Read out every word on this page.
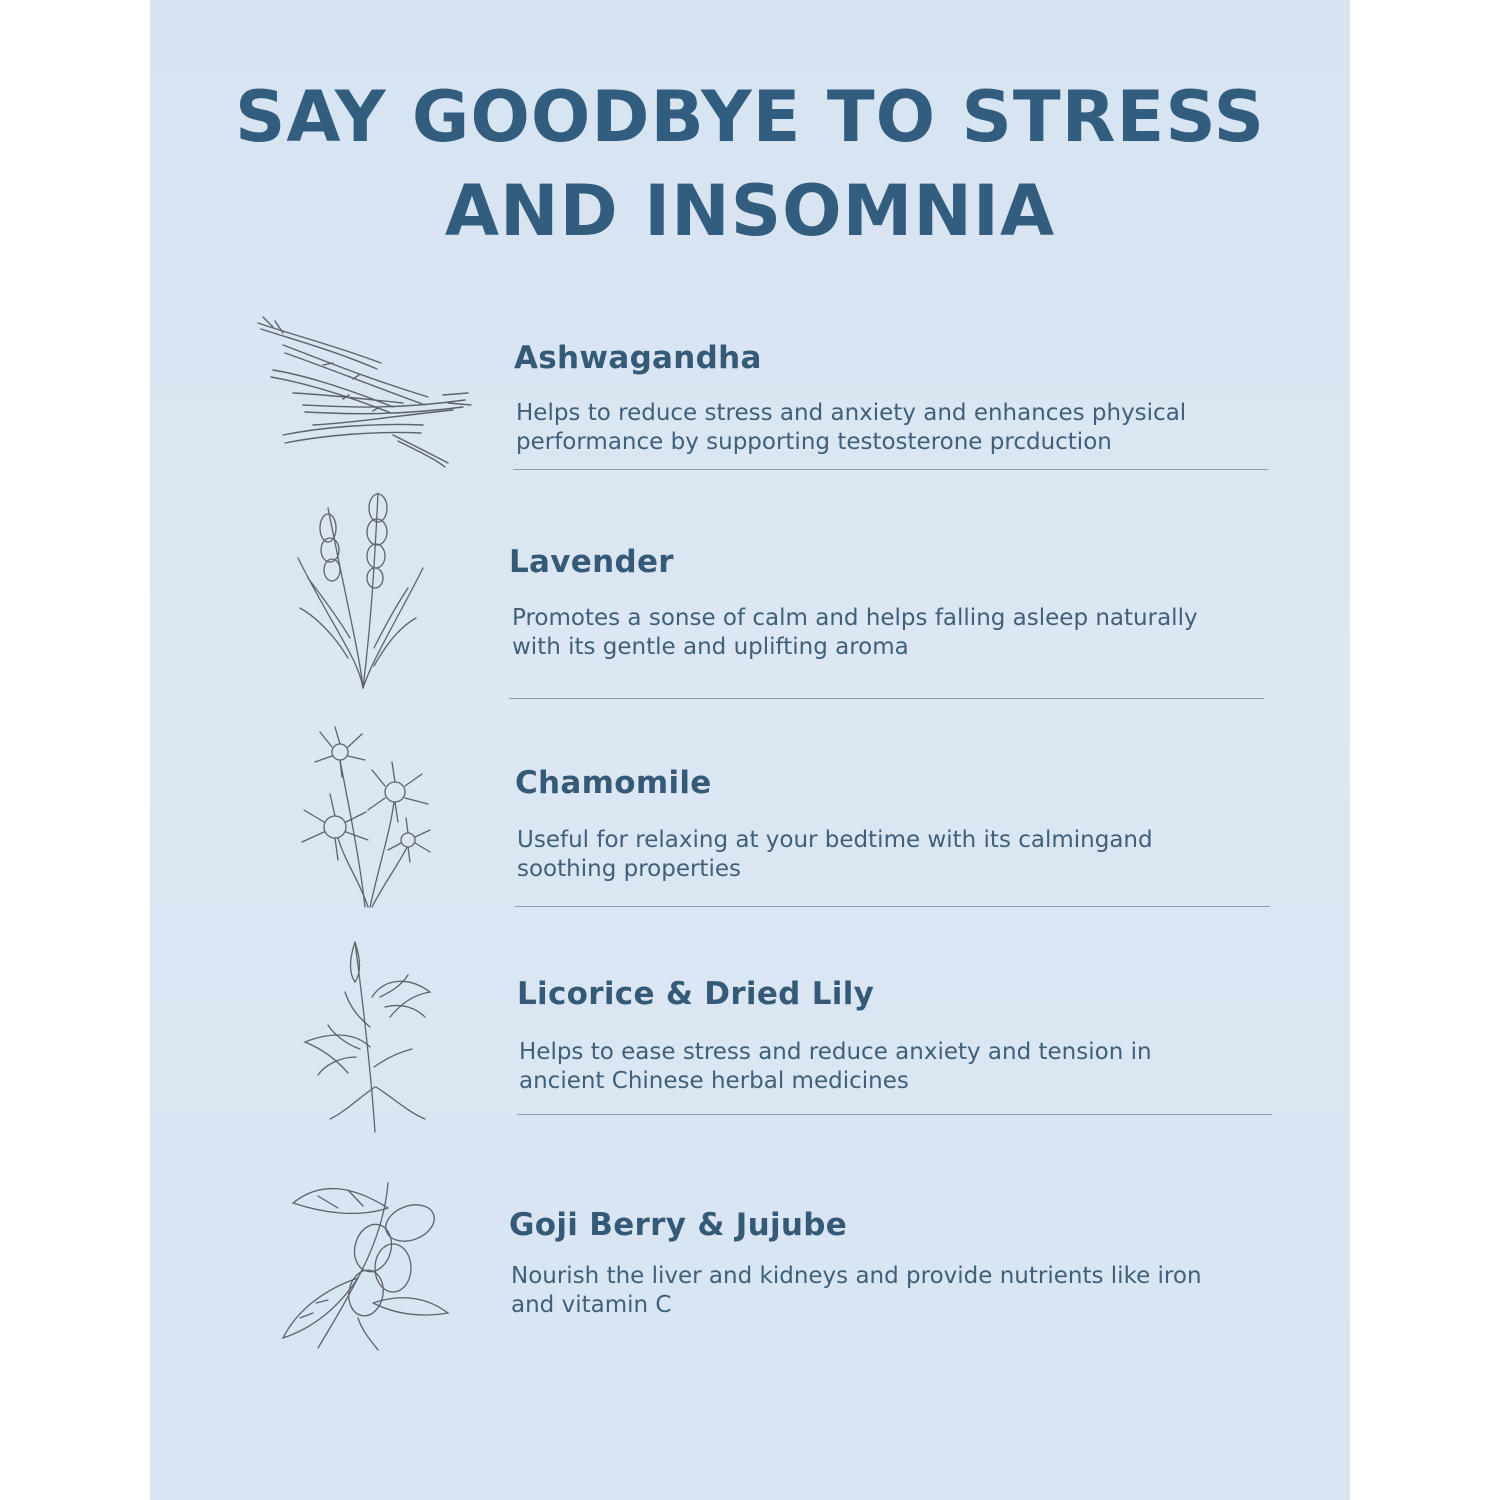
SAY GOODBYE TO STRESS
AND INSOMNIA

Ashwagandha

Helps to reduce stress and anxiety and enhances physical
performance by supporting testosterone prcduction

Lavender

Promotes a sonse of calm and helps falling asleep naturally
with its gentle and uplifting aroma

Chamomile

Useful for relaxing at your bedtime with its calmingand
soothing properties

Licorice & Dried Lily

Helps to ease stress and reduce anxiety and tension in
ancient Chinese herbal medicines

Goji Berry & Jujube

Nourish the liver and kidneys and provide nutrients like iron
and vitamin C
